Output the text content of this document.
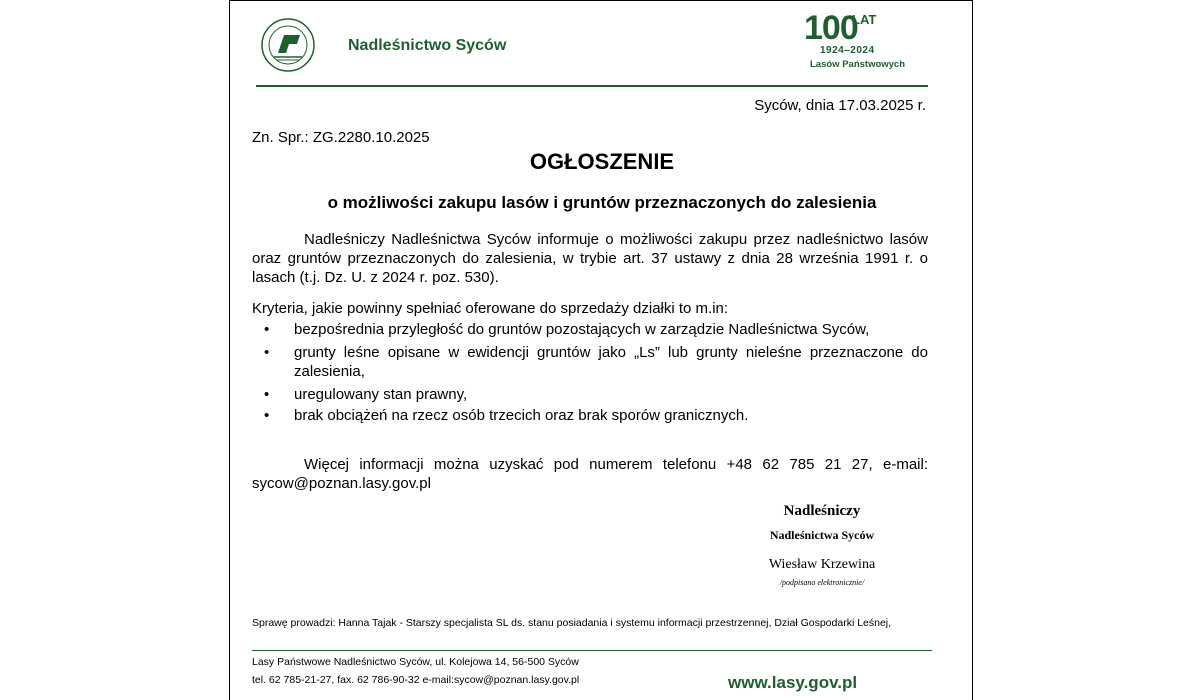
Nadleśnictwo Syców	100
LAT
1924–2024
Lasów Państwowych
Syców, dnia 17.03.2025 r.
Zn. Spr.: ZG.2280.10.2025
OGŁOSZENIE
o możliwości zakupu lasów i gruntów przeznaczonych do zalesienia
Nadleśniczy Nadleśnictwa Syców informuje o możliwości zakupu przez nadleśnictwo lasów oraz gruntów przeznaczonych do zalesienia, w trybie art. 37 ustawy z dnia 28 września 1991 r. o lasach (t.j. Dz. U. z 2024 r. poz. 530).
Kryteria, jakie powinny spełniać oferowane do sprzedaży działki to m.in:
• bezpośrednia przyległość do gruntów pozostających w zarządzie Nadleśnictwa Syców,
• grunty leśne opisane w ewidencji gruntów jako „Ls” lub grunty nieleśne przeznaczone do zalesienia,
• uregulowany stan prawny,
• brak obciążeń na rzecz osób trzecich oraz brak sporów granicznych.
Więcej informacji można uzyskać pod numerem telefonu +48 62 785 21 27, e-mail: sycow@poznan.lasy.gov.pl
Nadleśniczy
Nadleśnictwa Syców
Wiesław Krzewina
/podpisano elektronicznie/
Sprawę prowadzi: Hanna Tajak - Starszy specjalista SL ds. stanu posiadania i systemu informacji przestrzennej, Dział Gospodarki Leśnej,
Lasy Państwowe Nadleśnictwo Syców, ul. Kolejowa 14, 56-500 Syców
tel. 62 785-21-27, fax. 62 786-90-32 e-mail:sycow@poznan.lasy.gov.pl	www.lasy.gov.pl
